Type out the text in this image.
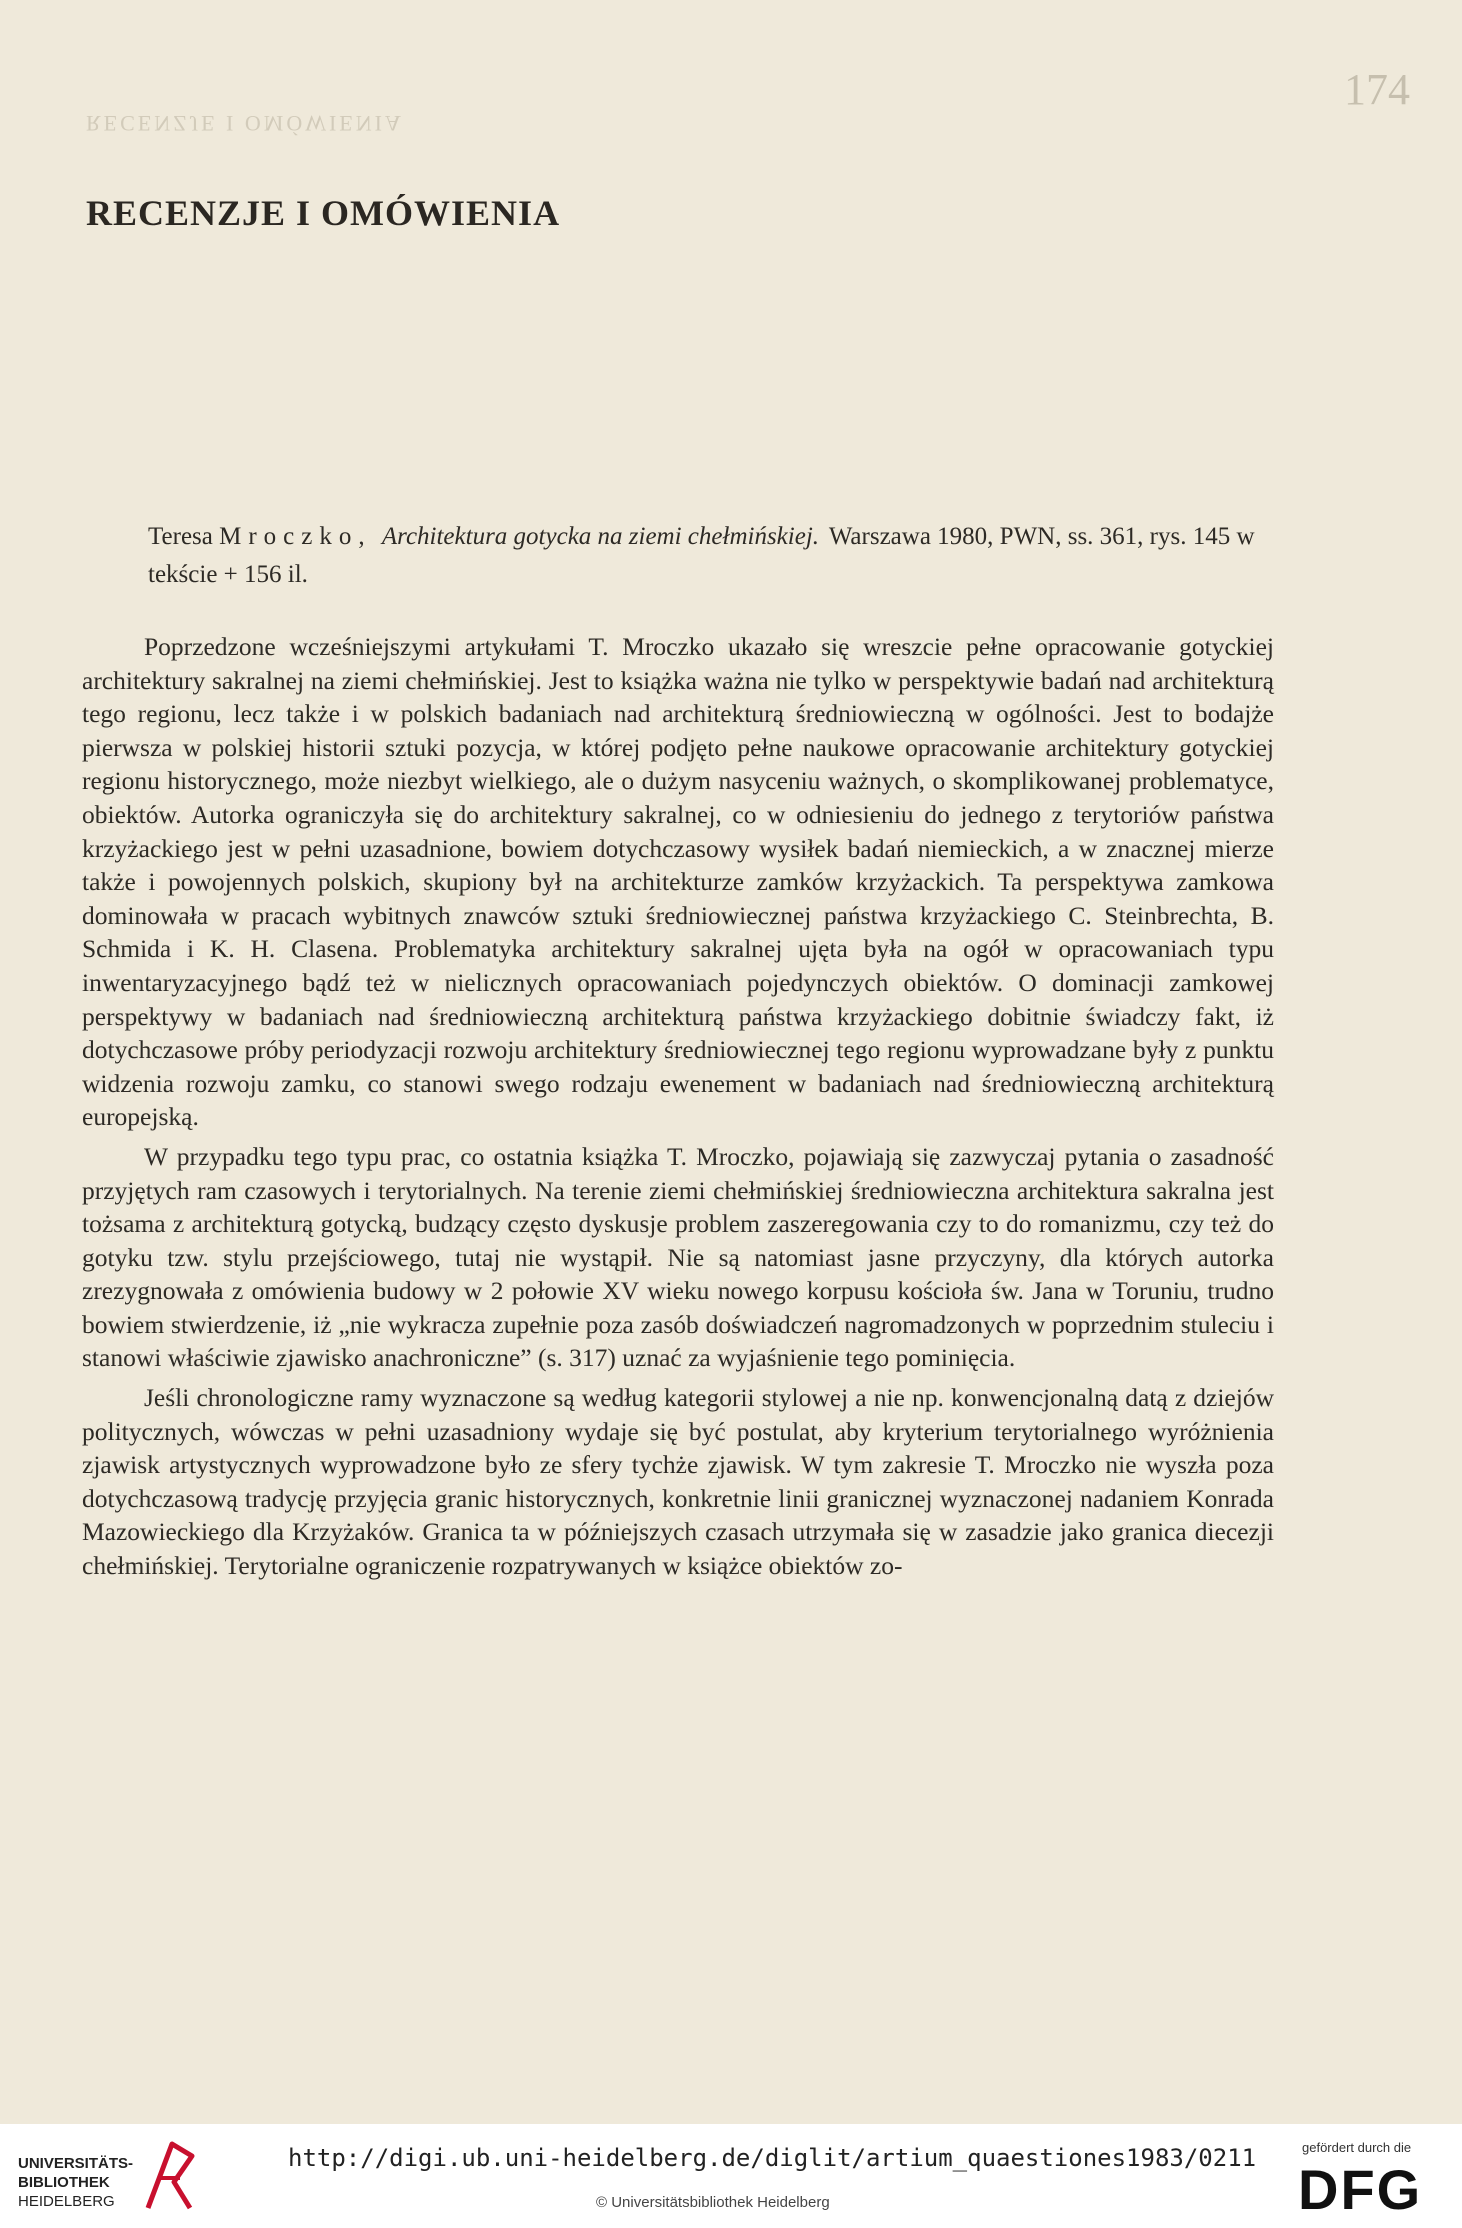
174
RECENZJE I OMÓWIENIA
RECENZJE I OMÓWIENIA
Teresa Mroczko, Architektura gotycka na ziemi chełmińskiej. Warszawa 1980, PWN, ss. 361, rys. 145 w tekście + 156 il.

Poprzedzone wcześniejszymi artykułami T. Mroczko ukazało się wreszcie pełne opracowanie gotyckiej architektury sakralnej na ziemi chełmińskiej. Jest to książka ważna nie tylko w perspektywie badań nad architekturą tego regionu, lecz także i w polskich badaniach nad architekturą średniowieczną w ogólności. Jest to bodajże pierwsza w polskiej historii sztuki pozycja, w której podjęto pełne naukowe opracowanie architektury gotyckiej regionu historycznego, może niezbyt wielkiego, ale o dużym nasyceniu ważnych, o skomplikowanej problematyce, obiektów. Autorka ograniczyła się do architektury sakralnej, co w odniesieniu do jednego z terytoriów państwa krzyżackiego jest w pełni uzasadnione, bowiem dotychczasowy wysiłek badań niemieckich, a w znacznej mierze także i powojennych polskich, skupiony był na architekturze zamków krzyżackich. Ta perspektywa zamkowa dominowała w pracach wybitnych znawców sztuki średniowiecznej państwa krzyżackiego C. Steinbrechta, B. Schmida i K. H. Clasena. Problematyka architektury sakralnej ujęta była na ogół w opracowaniach typu inwentaryzacyjnego bądź też w nielicznych opracowaniach pojedynczych obiektów. O dominacji zamkowej perspektywy w badaniach nad średniowieczną architekturą państwa krzyżackiego dobitnie świadczy fakt, iż dotychczasowe próby periodyzacji rozwoju architektury średniowiecznej tego regionu wyprowadzane były z punktu widzenia rozwoju zamku, co stanowi swego rodzaju ewenement w badaniach nad średniowieczną architekturą europejską.

W przypadku tego typu prac, co ostatnia książka T. Mroczko, pojawiają się zazwyczaj pytania o zasadność przyjętych ram czasowych i terytorialnych. Na terenie ziemi chełmińskiej średniowieczna architektura sakralna jest tożsama z architekturą gotycką, budzący często dyskusje problem zaszeregowania czy to do romanizmu, czy też do gotyku tzw. stylu przejściowego, tutaj nie wystąpił. Nie są natomiast jasne przyczyny, dla których autorka zrezygnowała z omówienia budowy w 2 połowie XV wieku nowego korpusu kościoła św. Jana w Toruniu, trudno bowiem stwierdzenie, iż „nie wykracza zupełnie poza zasób doświadczeń nagromadzonych w poprzednim stuleciu i stanowi właściwie zjawisko anachroniczne” (s. 317) uznać za wyjaśnienie tego pominięcia.

Jeśli chronologiczne ramy wyznaczone są według kategorii stylowej a nie np. konwencjonalną datą z dziejów politycznych, wówczas w pełni uzasadniony wydaje się być postulat, aby kryterium terytorialnego wyróżnienia zjawisk artystycznych wyprowadzone było ze sfery tychże zjawisk. W tym zakresie T. Mroczko nie wyszła poza dotychczasową tradycję przyjęcia granic historycznych, konkretnie linii granicznej wyznaczonej nadaniem Konrada Mazowieckiego dla Krzyżaków. Granica ta w późniejszych czasach utrzymała się w zasadzie jako granica diecezji chełmińskiej. Terytorialne ograniczenie rozpatrywanych w książce obiektów zo-

UNIVERSITÄTS-
BIBLIOTHEK
HEIDELBERG
http://digi.ub.uni-heidelberg.de/diglit/artium_quaestiones1983/0211
© Universitätsbibliothek Heidelberg
gefördert durch die
DFG
